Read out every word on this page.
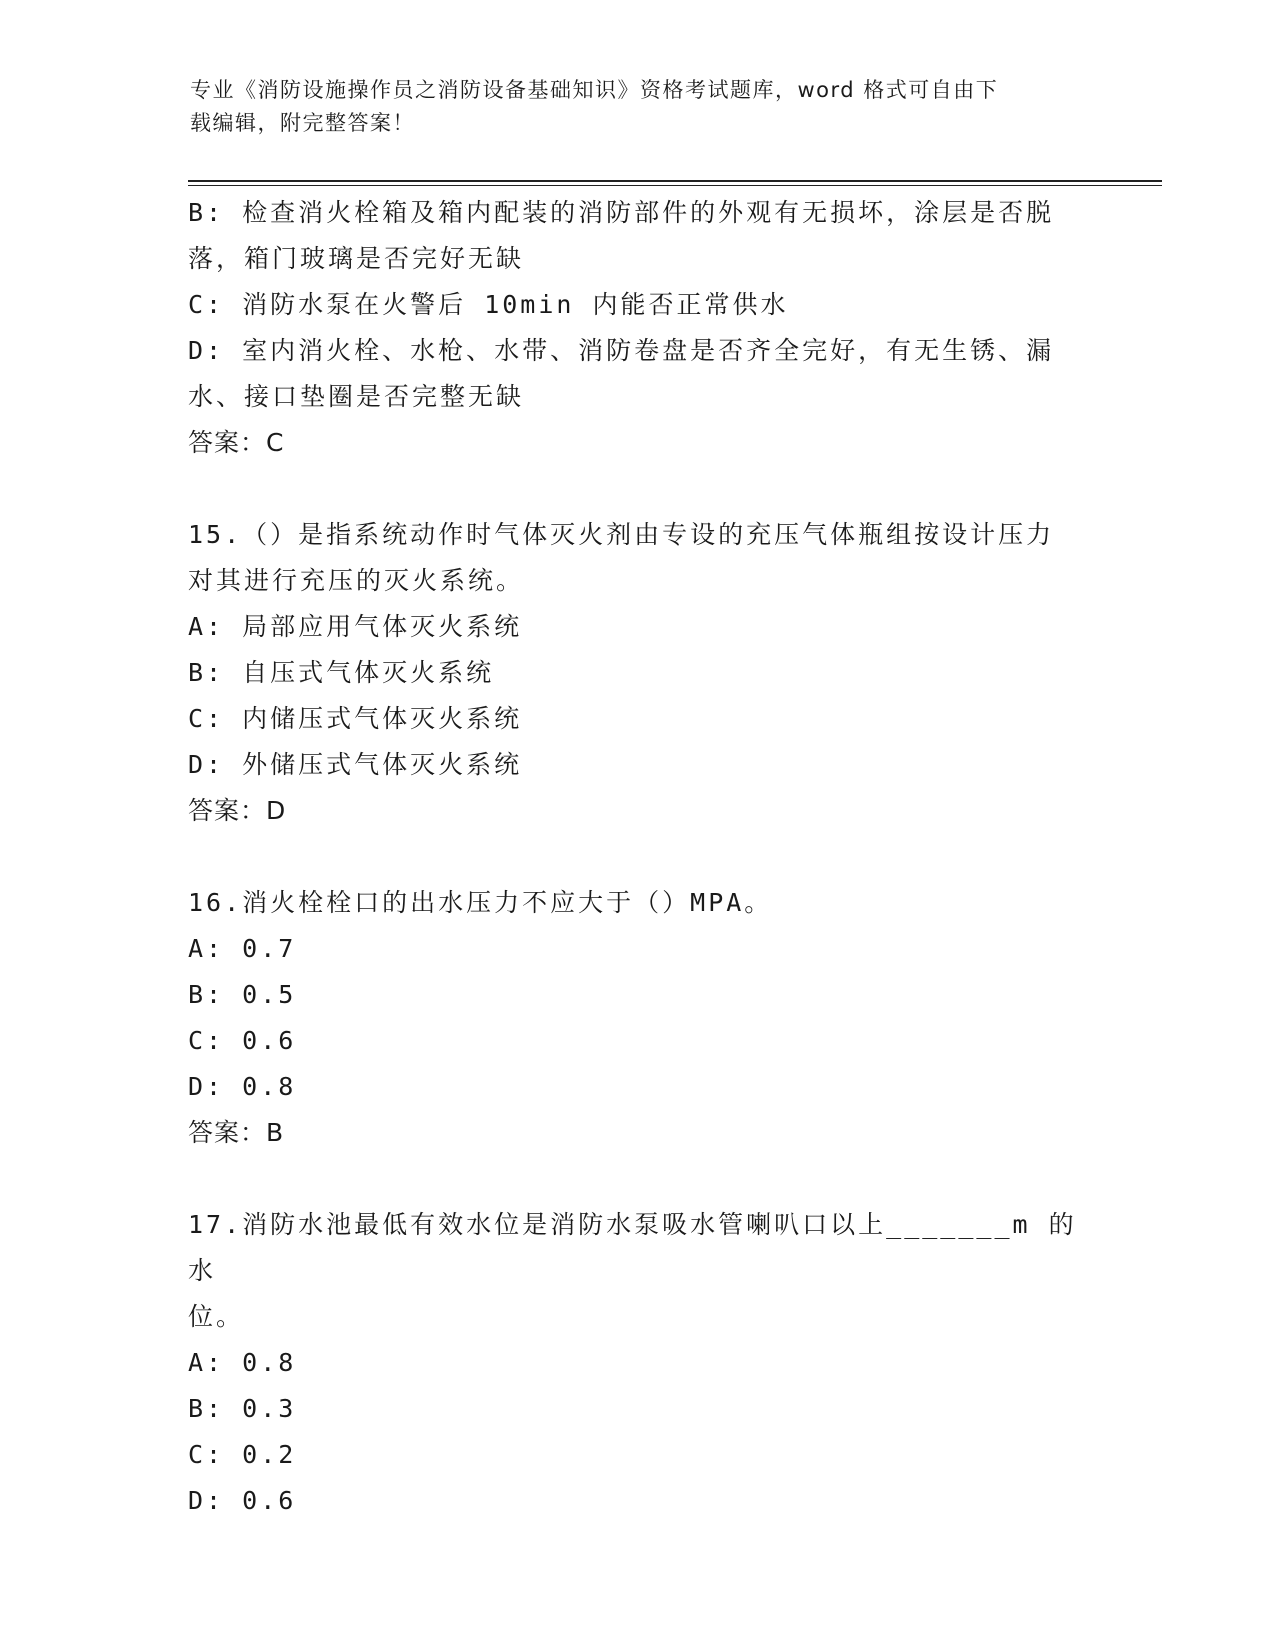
专业《消防设施操作员之消防设备基础知识》资格考试题库，word 格式可自由下
载编辑，附完整答案！
B: 检查消火栓箱及箱内配装的消防部件的外观有无损坏，涂层是否脱
落，箱门玻璃是否完好无缺
C: 消防水泵在火警后 10min 内能否正常供水
D: 室内消火栓、水枪、水带、消防卷盘是否齐全完好，有无生锈、漏
水、接口垫圈是否完整无缺
答案：C
15.（）是指系统动作时气体灭火剂由专设的充压气体瓶组按设计压力
对其进行充压的灭火系统。
A: 局部应用气体灭火系统
B: 自压式气体灭火系统
C: 内储压式气体灭火系统
D: 外储压式气体灭火系统
答案：D
16.消火栓栓口的出水压力不应大于（）MPA。
A: 0.7
B: 0.5
C: 0.6
D: 0.8
答案：B
17.消防水池最低有效水位是消防水泵吸水管喇叭口以上_______m 的水
位。
A: 0.8
B: 0.3
C: 0.2
D: 0.6
